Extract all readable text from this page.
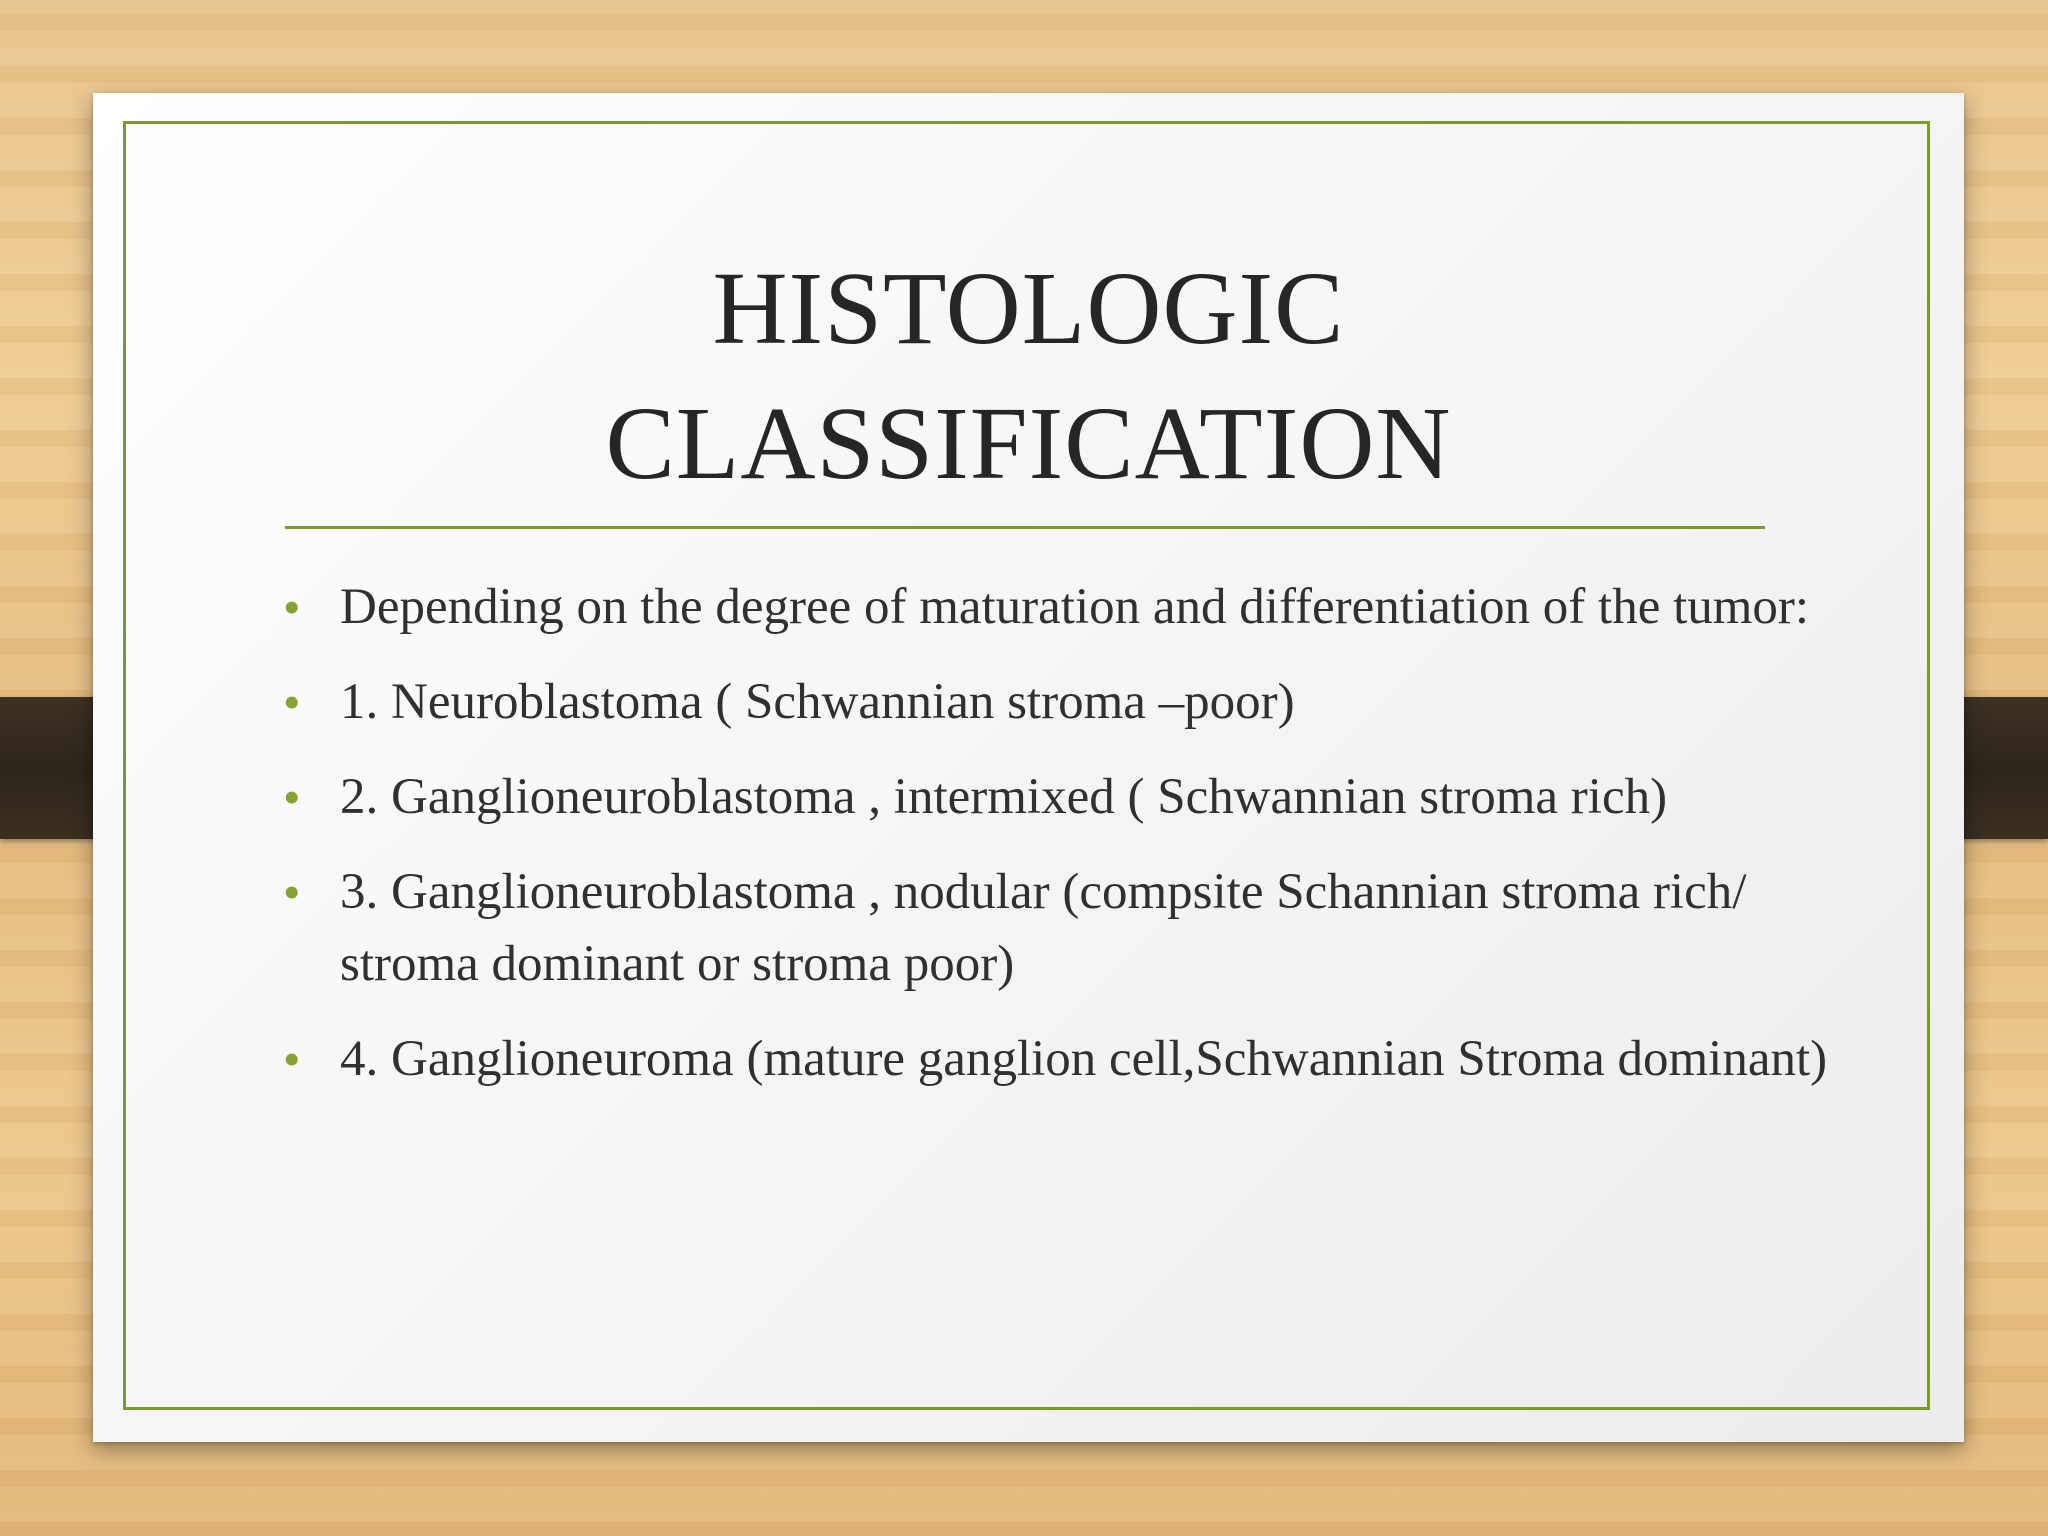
HISTOLOGIC
CLASSIFICATION
• Depending on the degree of maturation and differentiation of the tumor:
• 1. Neuroblastoma ( Schwannian stroma –poor)
• 2. Ganglioneuroblastoma , intermixed ( Schwannian stroma rich)
• 3. Ganglioneuroblastoma , nodular (compsite Schannian stroma rich/ stroma dominant or stroma poor)
• 4. Ganglioneuroma (mature ganglion cell,Schwannian Stroma dominant)
